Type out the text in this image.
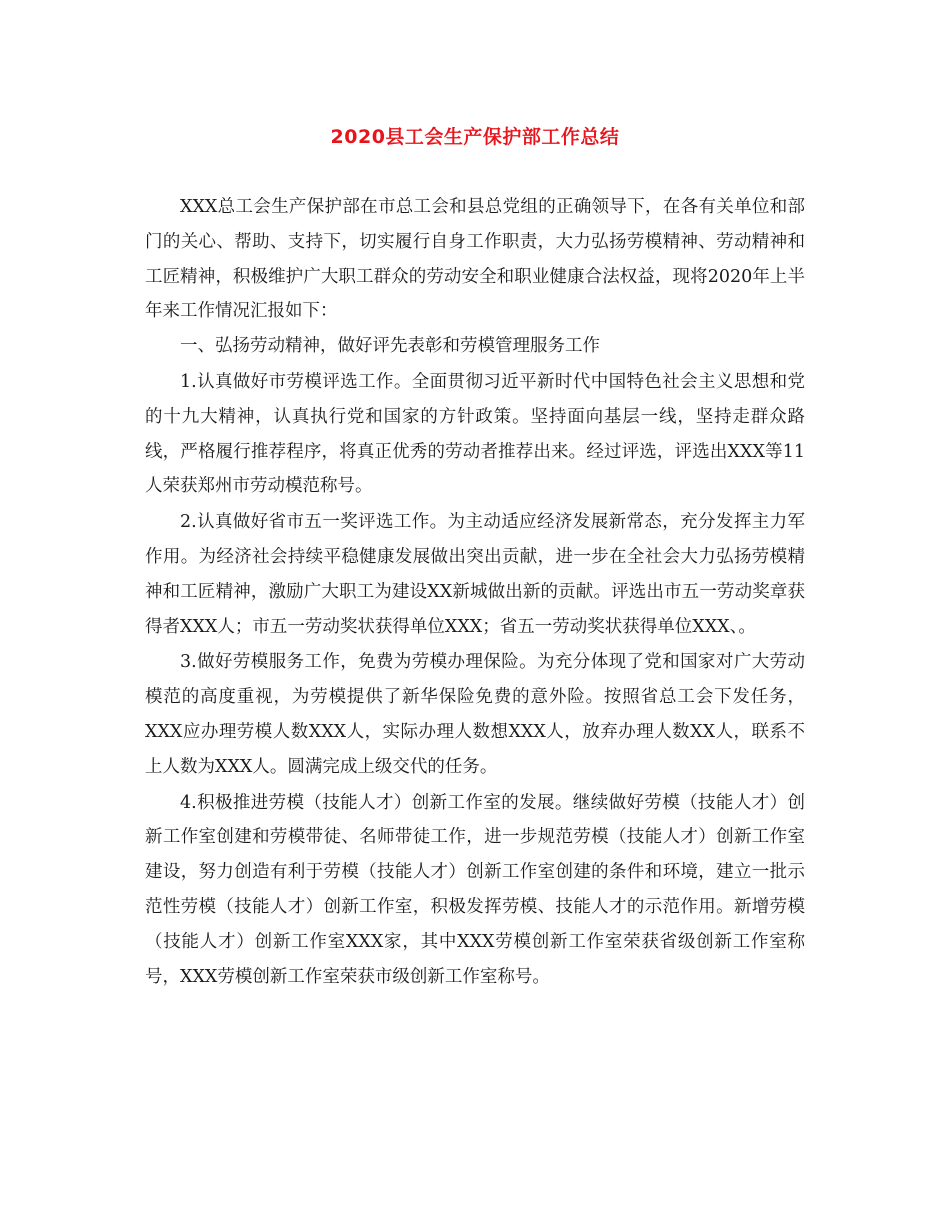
2020县工会生产保护部工作总结

XXX总工会生产保护部在市总工会和县总党组的正确领导下，在各有关单位和部门的关心、帮助、支持下，切实履行自身工作职责，大力弘扬劳模精神、劳动精神和工匠精神，积极维护广大职工群众的劳动安全和职业健康合法权益，现将2020年上半年来工作情况汇报如下：

一、弘扬劳动精神，做好评先表彰和劳模管理服务工作

1.认真做好市劳模评选工作。全面贯彻习近平新时代中国特色社会主义思想和党的十九大精神，认真执行党和国家的方针政策。坚持面向基层一线，坚持走群众路线，严格履行推荐程序，将真正优秀的劳动者推荐出来。经过评选，评选出XXX等11人荣获郑州市劳动模范称号。

2.认真做好省市五一奖评选工作。为主动适应经济发展新常态，充分发挥主力军作用。为经济社会持续平稳健康发展做出突出贡献，进一步在全社会大力弘扬劳模精神和工匠精神，激励广大职工为建设XX新城做出新的贡献。评选出市五一劳动奖章获得者XXX人；市五一劳动奖状获得单位XXX；省五一劳动奖状获得单位XXX、。

3.做好劳模服务工作，免费为劳模办理保险。为充分体现了党和国家对广大劳动模范的高度重视，为劳模提供了新华保险免费的意外险。按照省总工会下发任务，XXX应办理劳模人数XXX人，实际办理人数想XXX人，放弃办理人数XX人，联系不上人数为XXX人。圆满完成上级交代的任务。

4.积极推进劳模（技能人才）创新工作室的发展。继续做好劳模（技能人才）创新工作室创建和劳模带徒、名师带徒工作，进一步规范劳模（技能人才）创新工作室建设，努力创造有利于劳模（技能人才）创新工作室创建的条件和环境，建立一批示范性劳模（技能人才）创新工作室，积极发挥劳模、技能人才的示范作用。新增劳模（技能人才）创新工作室XXX家，其中XXX劳模创新工作室荣获省级创新工作室称号，XXX劳模创新工作室荣获市级创新工作室称号。
